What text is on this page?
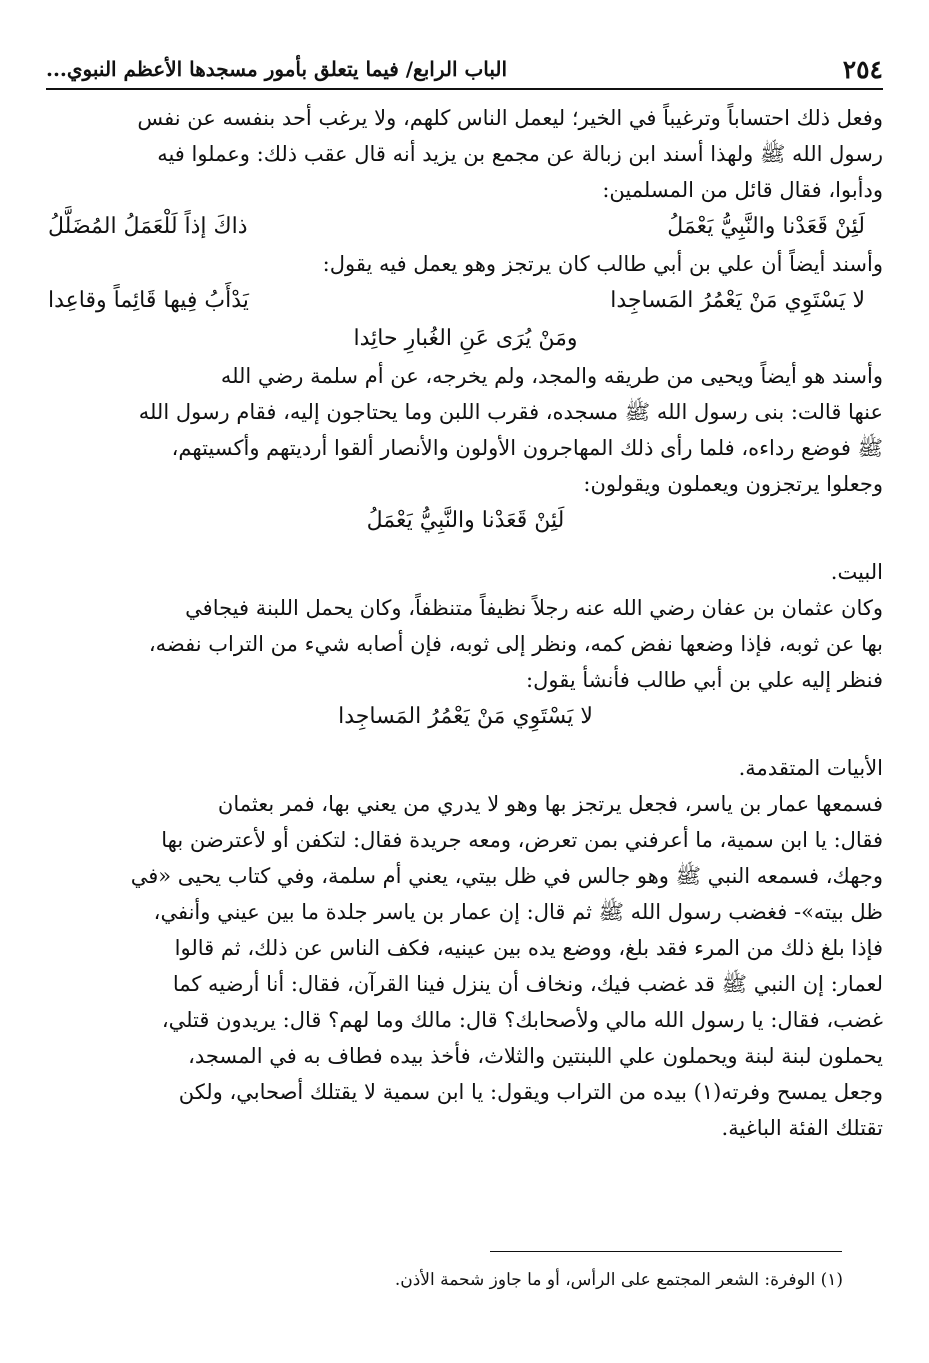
٢٥٤
الباب الرابع/ فيما يتعلق بأمور مسجدها الأعظم النبوي...
وفعل ذلك احتساباً وترغيباً في الخير؛ ليعمل الناس كلهم، ولا يرغب أحد بنفسه عن نفس
رسول الله ﷺ ولهذا أسند ابن زبالة عن مجمع بن يزيد أنه قال عقب ذلك: وعملوا فيه
ودأبوا، فقال قائل من المسلمين:
لَئِنْ قَعَدْنا والنَّبِيُّ يَعْمَلُ
ذاكَ إذاً لَلْعَمَلُ المُضَلَّلُ
وأسند أيضاً أن علي بن أبي طالب كان يرتجز وهو يعمل فيه يقول:
لا يَسْتَوِي مَنْ يَعْمُرُ المَساجِدا
يَدْأَبُ فِيها قَائِماً وقاعِدا
ومَنْ يُرَى عَنِ الغُبارِ حائِدا
وأسند هو أيضاً ويحيى من طريقه والمجد، ولم يخرجه، عن أم سلمة رضي الله
عنها قالت: بنى رسول الله ﷺ مسجده، فقرب اللبن وما يحتاجون إليه، فقام رسول الله
ﷺ فوضع رداءه، فلما رأى ذلك المهاجرون الأولون والأنصار ألقوا أرديتهم وأكسيتهم،
وجعلوا يرتجزون ويعملون ويقولون:
لَئِنْ قَعَدْنا والنَّبِيُّ يَعْمَلُ
البيت.
وكان عثمان بن عفان رضي الله عنه رجلاً نظيفاً متنظفاً، وكان يحمل اللبنة فيجافي
بها عن ثوبه، فإذا وضعها نفض كمه، ونظر إلى ثوبه، فإن أصابه شيء من التراب نفضه،
فنظر إليه علي بن أبي طالب فأنشأ يقول:
لا يَسْتَوِي مَنْ يَعْمُرُ المَساجِدا
الأبيات المتقدمة.
فسمعها عمار بن ياسر، فجعل يرتجز بها وهو لا يدري من يعني بها، فمر بعثمان
فقال: يا ابن سمية، ما أعرفني بمن تعرض، ومعه جريدة فقال: لتكفن أو لأعترضن بها
وجهك، فسمعه النبي ﷺ وهو جالس في ظل بيتي، يعني أم سلمة، وفي كتاب يحيى «في
ظل بيته»- فغضب رسول الله ﷺ ثم قال: إن عمار بن ياسر جلدة ما بين عيني وأنفي،
فإذا بلغ ذلك من المرء فقد بلغ، ووضع يده بين عينيه، فكف الناس عن ذلك، ثم قالوا
لعمار: إن النبي ﷺ قد غضب فيك، ونخاف أن ينزل فينا القرآن، فقال: أنا أرضيه كما
غضب، فقال: يا رسول الله مالي ولأصحابك؟ قال: مالك وما لهم؟ قال: يريدون قتلي،
يحملون لبنة لبنة ويحملون علي اللبنتين والثلاث، فأخذ بيده فطاف به في المسجد،
وجعل يمسح وفرته(١) بيده من التراب ويقول: يا ابن سمية لا يقتلك أصحابي، ولكن
تقتلك الفئة الباغية.
(١) الوفرة: الشعر المجتمع على الرأس، أو ما جاوز شحمة الأذن.
